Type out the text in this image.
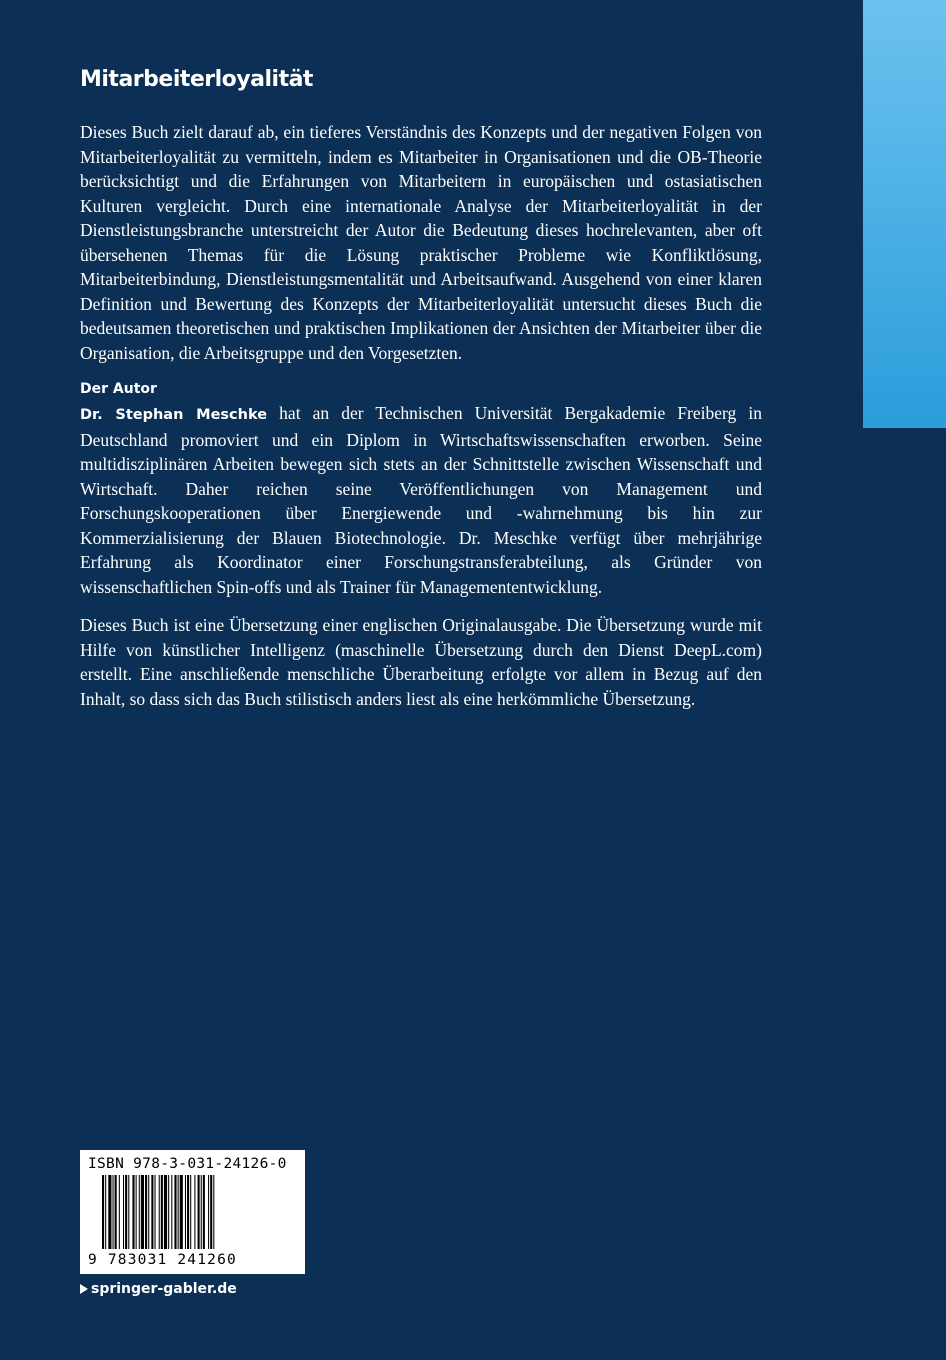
Mitarbeiterloyalität

Dieses Buch zielt darauf ab, ein tieferes Verständnis des Konzepts und der negativen Folgen von Mitarbeiterloyalität zu vermitteln, indem es Mitarbeiter in Organisationen und die OB-Theorie berücksichtigt und die Erfahrungen von Mitarbeitern in europäischen und ostasiatischen Kulturen vergleicht. Durch eine internationale Analyse der Mitarbeiterloyalität in der Dienstleistungsbranche unterstreicht der Autor die Bedeutung dieses hochrelevanten, aber oft übersehenen Themas für die Lösung praktischer Probleme wie Konfliktlösung, Mitarbeiterbindung, Dienstleistungsmentalität und Arbeitsaufwand. Ausgehend von einer klaren Definition und Bewertung des Konzepts der Mitarbeiterloyalität untersucht dieses Buch die bedeutsamen theoretischen und praktischen Implikationen der Ansichten der Mitarbeiter über die Organisation, die Arbeitsgruppe und den Vorgesetzten.

Der Autor

Dr. Stephan Meschke hat an der Technischen Universität Bergakademie Freiberg in Deutschland promoviert und ein Diplom in Wirtschaftswissenschaften erworben. Seine multidisziplinären Arbeiten bewegen sich stets an der Schnittstelle zwischen Wissenschaft und Wirtschaft. Daher reichen seine Veröffentlichungen von Management und Forschungskooperationen über Energiewende und -wahrnehmung bis hin zur Kommerzialisierung der Blauen Biotechnologie. Dr. Meschke verfügt über mehrjährige Erfahrung als Koordinator einer Forschungstransferabteilung, als Gründer von wissenschaftlichen Spin-offs und als Trainer für Managemententwicklung.

Dieses Buch ist eine Übersetzung einer englischen Originalausgabe. Die Übersetzung wurde mit Hilfe von künstlicher Intelligenz (maschinelle Übersetzung durch den Dienst DeepL.com) erstellt. Eine anschließende menschliche Überarbeitung erfolgte vor allem in Bezug auf den Inhalt, so dass sich das Buch stilistisch anders liest als eine herkömmliche Übersetzung.

ISBN 978-3-031-24126-0
9 783031 241260
springer-gabler.de
